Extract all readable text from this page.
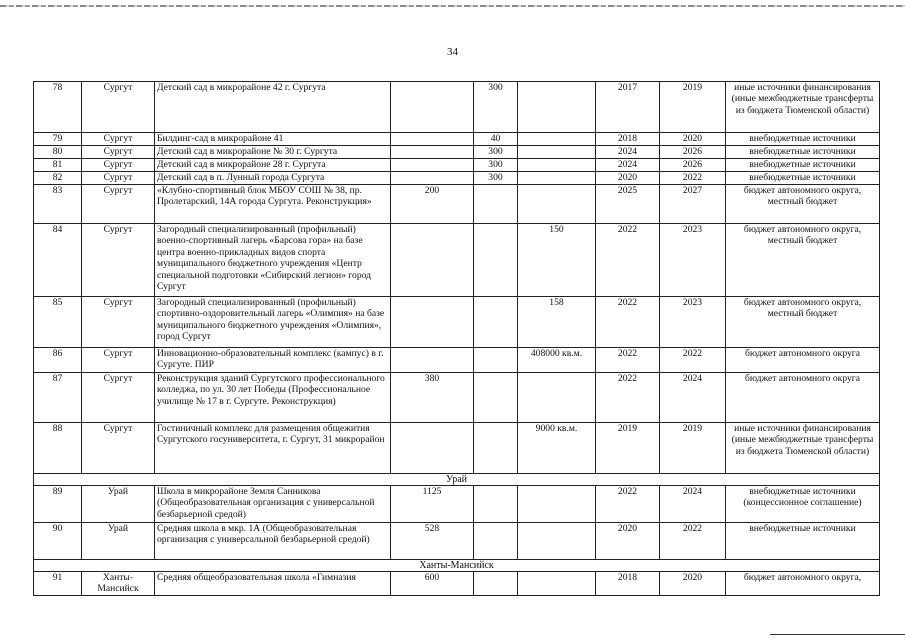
34
78	Сургут	Детский сад в микрорайоне 42 г. Сургута		300		2017	2019	иные источники финансирования (иные межбюджетные трансферты из бюджета Тюменской области)
79	Сургут	Билдинг-сад в микрорайоне 41		40		2018	2020	внебюджетные источники
80	Сургут	Детский сад в микрорайоне № 30 г. Сургута		300		2024	2026	внебюджетные источники
81	Сургут	Детский сад в микрорайоне 28 г. Сургута		300		2024	2026	внебюджетные источники
82	Сургут	Детский сад в п. Лунный города Сургута		300		2020	2022	внебюджетные источники
83	Сургут	«Клубно-спортивный блок МБОУ СОШ № 38, пр. Пролетарский, 14А города Сургута. Реконструкция»	200			2025	2027	бюджет автономного округа, местный бюджет
84	Сургут	Загородный специализированный (профильный) военно-спортивный лагерь «Барсова гора» на базе центра военно-прикладных видов спорта муниципального бюджетного учреждения «Центр специальной подготовки «Сибирский легион» город Сургут			150	2022	2023	бюджет автономного округа, местный бюджет
85	Сургут	Загородный специализированный (профильный) спортивно-оздоровительный лагерь «Олимпия» на базе муниципального бюджетного учреждения «Олимпия», город Сургут			158	2022	2023	бюджет автономного округа, местный бюджет
86	Сургут	Инновационно-образовательный комплекс (кампус) в г. Сургуте. ПИР			408000 кв.м.	2022	2022	бюджет автономного округа
87	Сургут	Реконструкция зданий Сургутского профессионального колледжа, по ул. 30 лет Победы (Профессиональное училище № 17 в г. Сургуте. Реконструкция)	380			2022	2024	бюджет автономного округа
88	Сургут	Гостиничный комплекс для размещения общежития Сургутского госуниверситета, г. Сургут, 31 микрорайон			9000 кв.м.	2019	2019	иные источники финансирования (иные межбюджетные трансферты из бюджета Тюменской области)
Урай								
89	Урай	Школа в микрорайоне Земля Санникова (Общеобразовательная организация с универсальной безбарьерной средой)	1125			2022	2024	внебюджетные источники (концессионное соглашение)
90	Урай	Средняя школа в мкр. 1А (Общеобразовательная организация с универсальной безбарьерной средой)	528			2020	2022	внебюджетные источники
Ханты-Мансийск								
91	Ханты-Мансийск	Средняя общеобразовательная школа «Гимназия	600			2018	2020	бюджет автономного округа,
